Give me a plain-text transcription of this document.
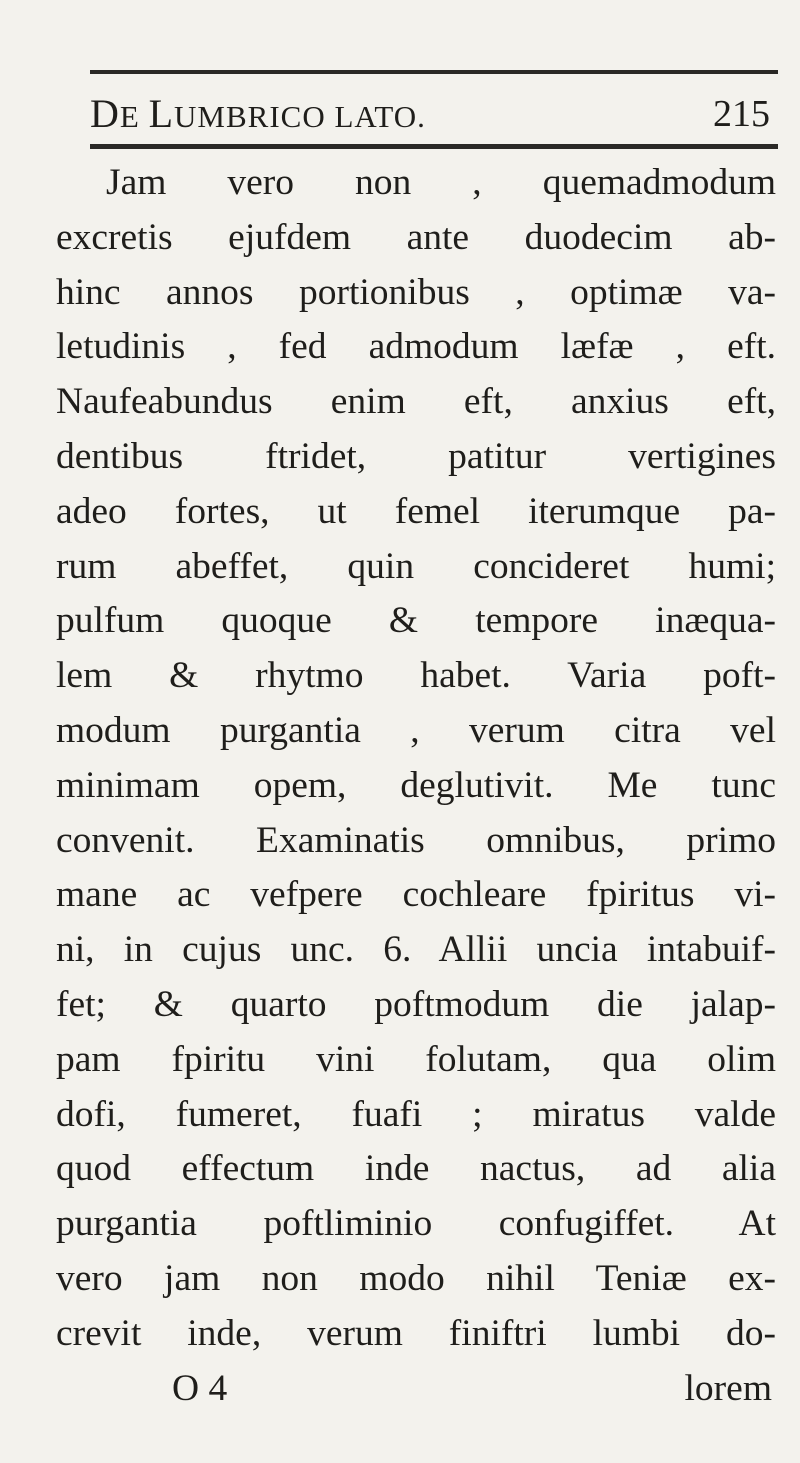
DE LUMBRICO LATO.	215
Jam vero non , quemadmodum
excretis ejufdem ante duodecim ab-
hinc annos portionibus , optimæ va-
letudinis , fed admodum læfæ , eft.
Naufeabundus enim eft, anxius eft,
dentibus ftridet, patitur vertigines
adeo fortes, ut femel iterumque pa-
rum abeffet, quin concideret humi;
pulfum quoque & tempore inæqua-
lem & rhytmo habet. Varia poft-
modum purgantia , verum citra vel
minimam opem, deglutivit. Me tunc
convenit. Examinatis omnibus, primo
mane ac vefpere cochleare fpiritus vi-
ni, in cujus unc. 6. Allii uncia intabuif-
fet; & quarto poftmodum die jalap-
pam fpiritu vini folutam, qua olim
dofi, fumeret, fuafi ; miratus valde
quod effectum inde nactus, ad alia
purgantia poftliminio confugiffet. At
vero jam non modo nihil Teniæ ex-
crevit inde, verum finiftri lumbi do-
O 4	lorem
